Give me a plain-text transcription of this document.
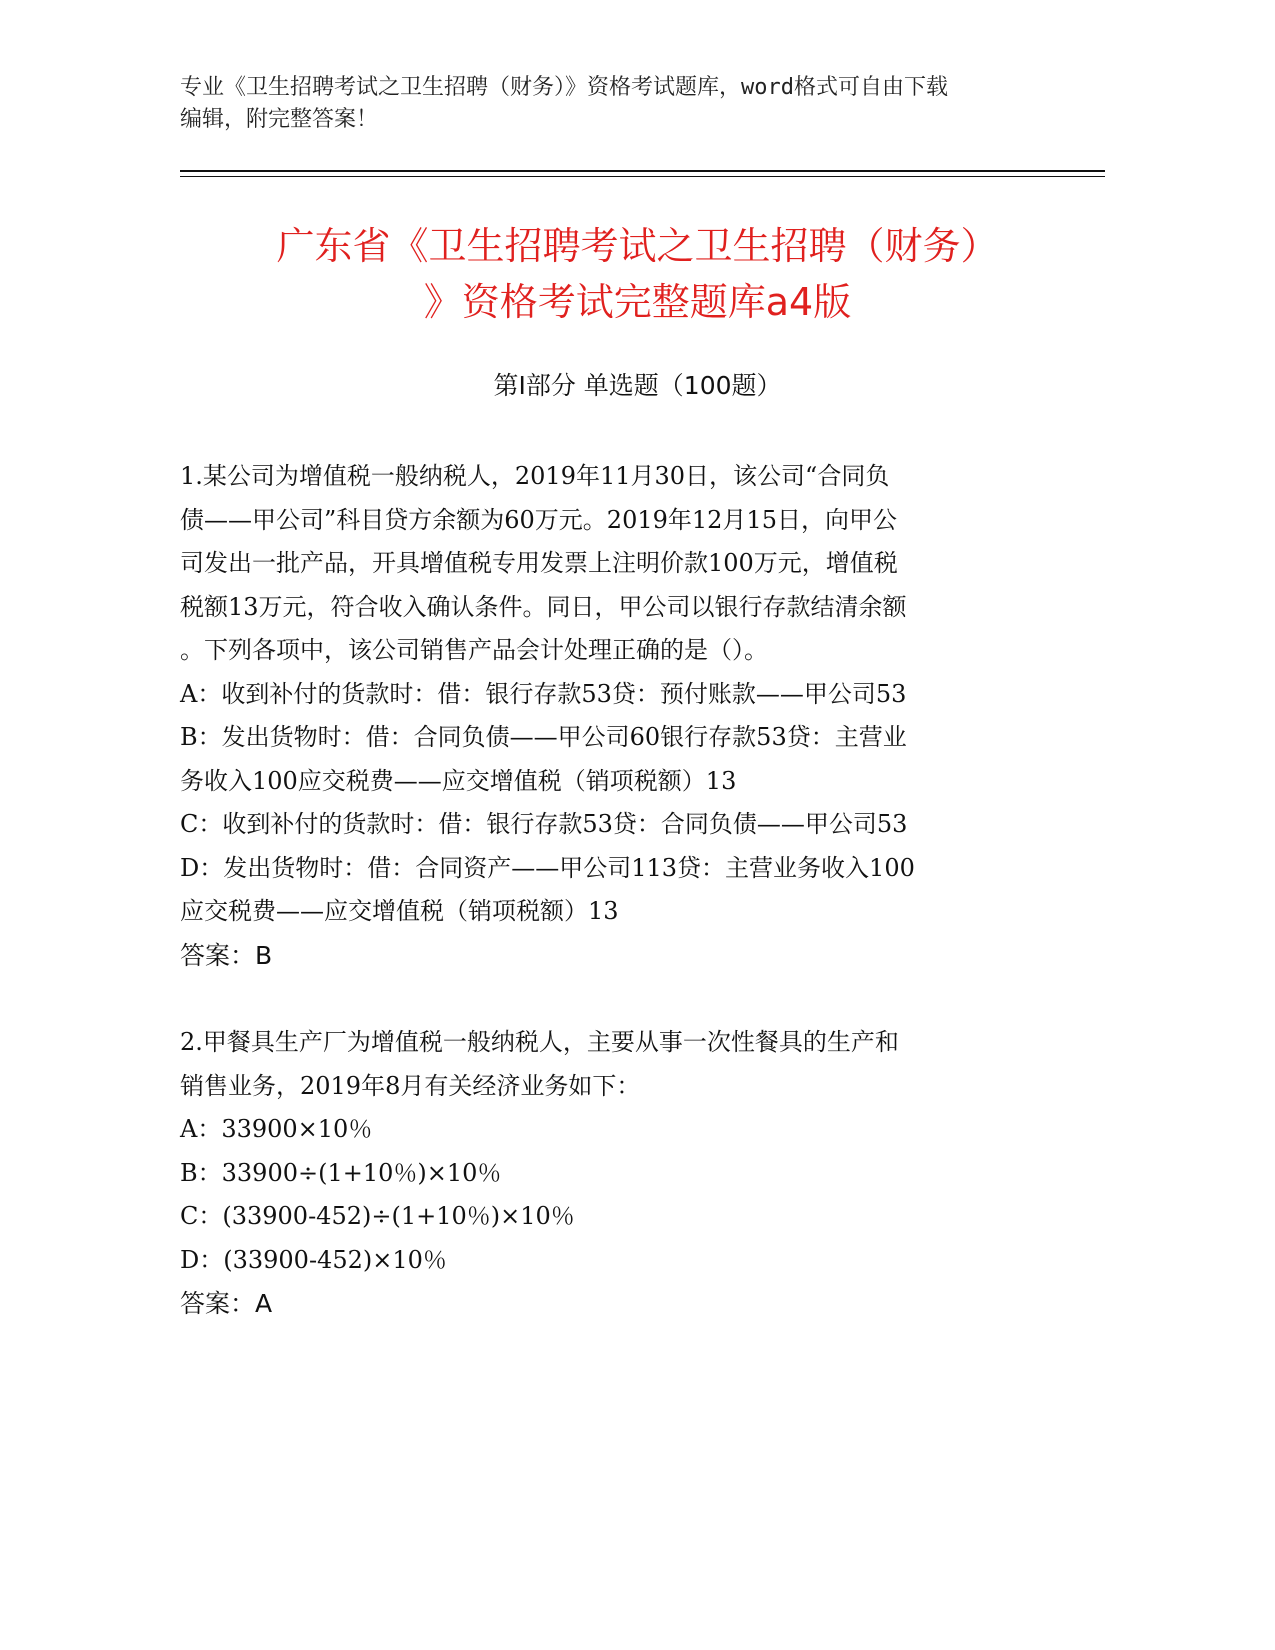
专业《卫生招聘考试之卫生招聘（财务）》资格考试题库，word格式可自由下载
编辑，附完整答案！
广东省《卫生招聘考试之卫生招聘（财务）
》资格考试完整题库a4版
第I部分 单选题（100题）
1.某公司为增值税一般纳税人，2019年11月30日，该公司“合同负
债——甲公司”科目贷方余额为60万元。2019年12月15日，向甲公
司发出一批产品，开具增值税专用发票上注明价款100万元，增值税
税额13万元，符合收入确认条件。同日，甲公司以银行存款结清余额
。下列各项中，该公司销售产品会计处理正确的是（）。
A：收到补付的货款时：借：银行存款53贷：预付账款——甲公司53
B：发出货物时：借：合同负债——甲公司60银行存款53贷：主营业
务收入100应交税费——应交增值税（销项税额）13
C：收到补付的货款时：借：银行存款53贷：合同负债——甲公司53
D：发出货物时：借：合同资产——甲公司113贷：主营业务收入100
应交税费——应交增值税（销项税额）13
答案：B
2.甲餐具生产厂为增值税一般纳税人，主要从事一次性餐具的生产和
销售业务，2019年8月有关经济业务如下：
A：33900×10％
B：33900÷(1+10％)×10％
C：(33900-452)÷(1+10％)×10％
D：(33900-452)×10％
答案：A
